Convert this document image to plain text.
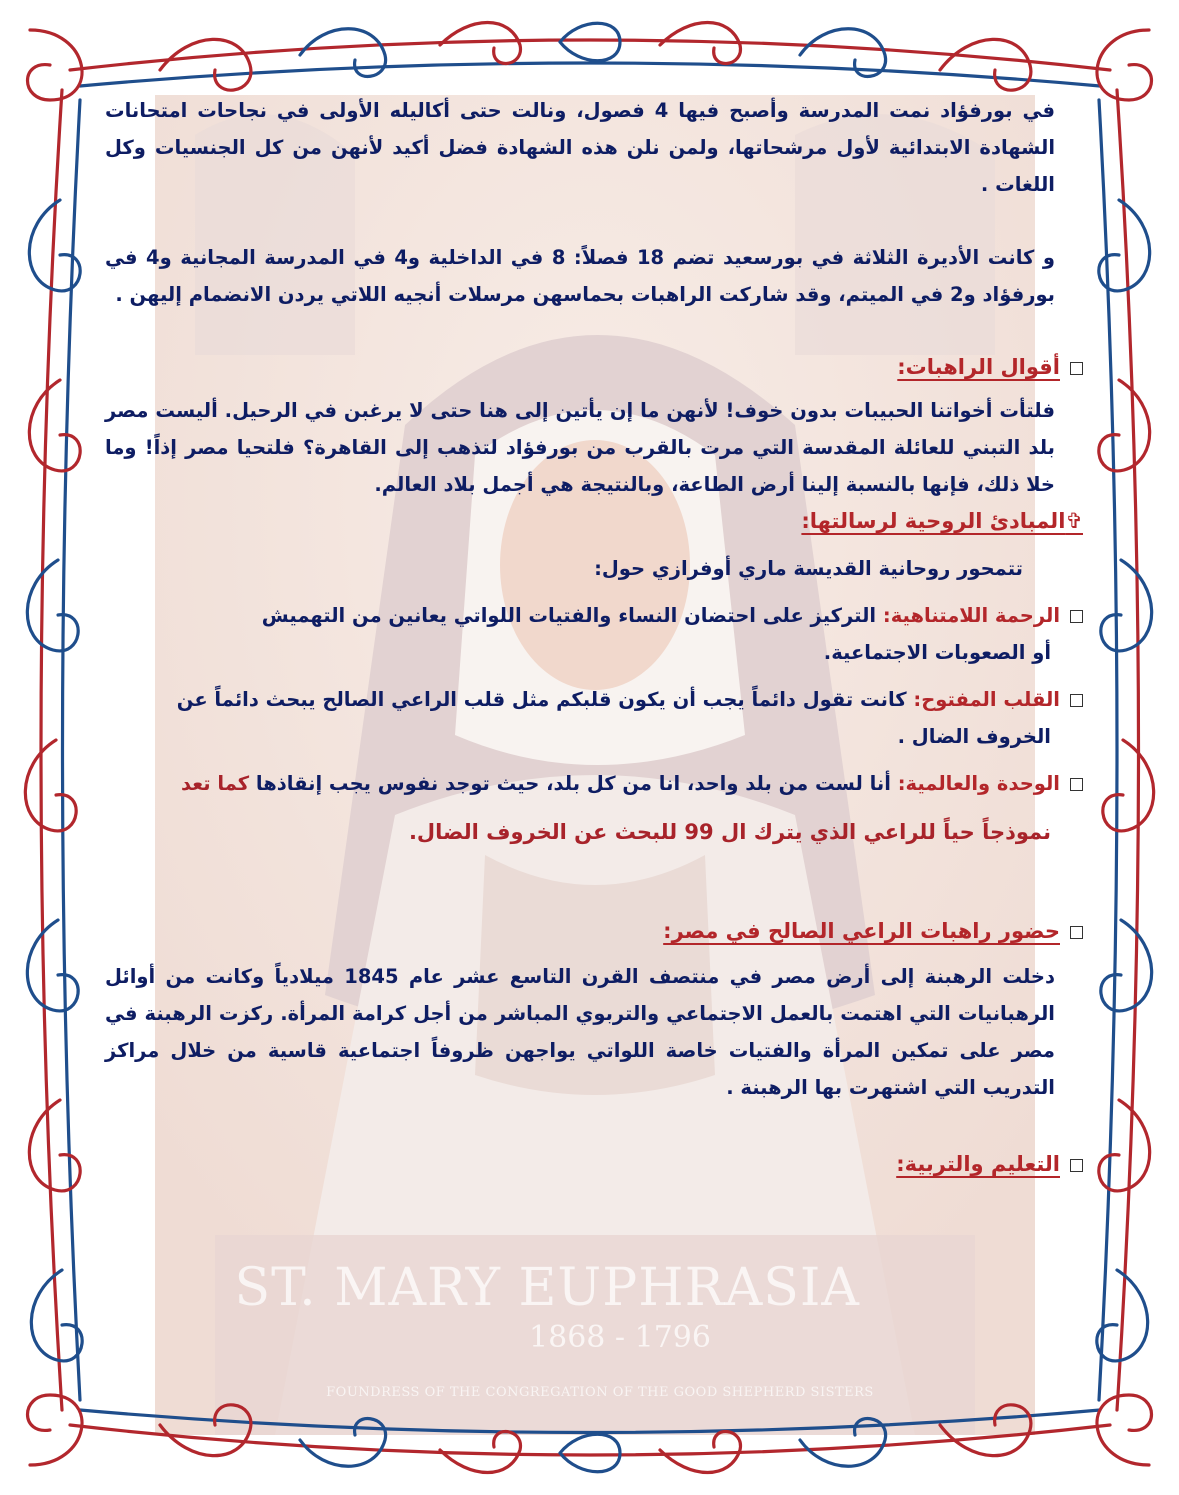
ST. MARY EUPHRASIA
1796 - 1868
FOUNDRESS OF THE CONGREGATION OF THE GOOD SHEPHERD SISTERS

في بورفؤاد نمت المدرسة وأصبح فيها 4 فصول، ونالت حتى أكاليله الأولى في نجاحات امتحانات الشهادة الابتدائية لأول مرشحاتها، ولمن نلن هذه الشهادة فضل أكيد لأنهن من كل الجنسيات وكل اللغات .

و كانت الأديرة الثلاثة في بورسعيد تضم 18 فصلاً: 8 في الداخلية و4 في المدرسة المجانية و4 في بورفؤاد و2 في الميتم، وقد شاركت الراهبات بحماسهن مرسلات أنجيه اللاتي يردن الانضمام إليهن .

أقوال الراهبات:

فلتأت أخواتنا الحبيبات بدون خوف! لأنهن ما إن يأتين إلى هنا حتى لا يرغبن في الرحيل. أليست مصر بلد التبني للعائلة المقدسة التي مرت بالقرب من بورفؤاد لتذهب إلى القاهرة؟ فلتحيا مصر إذاً! وما خلا ذلك، فإنها بالنسبة إلينا أرض الطاعة، وبالنتيجة هي أجمل بلاد العالم.

✞المبادئ الروحية لرسالتها:

تتمحور روحانية القديسة ماري أوفرازي حول:

الرحمة اللامتناهية: التركيز على احتضان النساء والفتيات اللواتي يعانين من التهميش

أو الصعوبات الاجتماعية.

القلب المفتوح: كانت تقول دائماً يجب أن يكون قلبكم مثل قلب الراعي الصالح يبحث دائماً عن

الخروف الضال .

الوحدة والعالمية: أنا لست من بلد واحد، انا من كل بلد، حيث توجد نفوس يجب إنقاذها كما تعد

نموذجاً حياً للراعي الذي يترك ال 99 للبحث عن الخروف الضال.

حضور راهبات الراعي الصالح في مصر:

دخلت الرهبنة إلى أرض مصر في منتصف القرن التاسع عشر عام 1845 ميلادياً وكانت من أوائل الرهبانيات التي اهتمت بالعمل الاجتماعي والتربوي المباشر من أجل كرامة المرأة. ركزت الرهبنة في مصر على تمكين المرأة والفتيات خاصة اللواتي يواجهن ظروفاً اجتماعية قاسية من خلال مراكز التدريب التي اشتهرت بها الرهبنة .

التعليم والتربية:
